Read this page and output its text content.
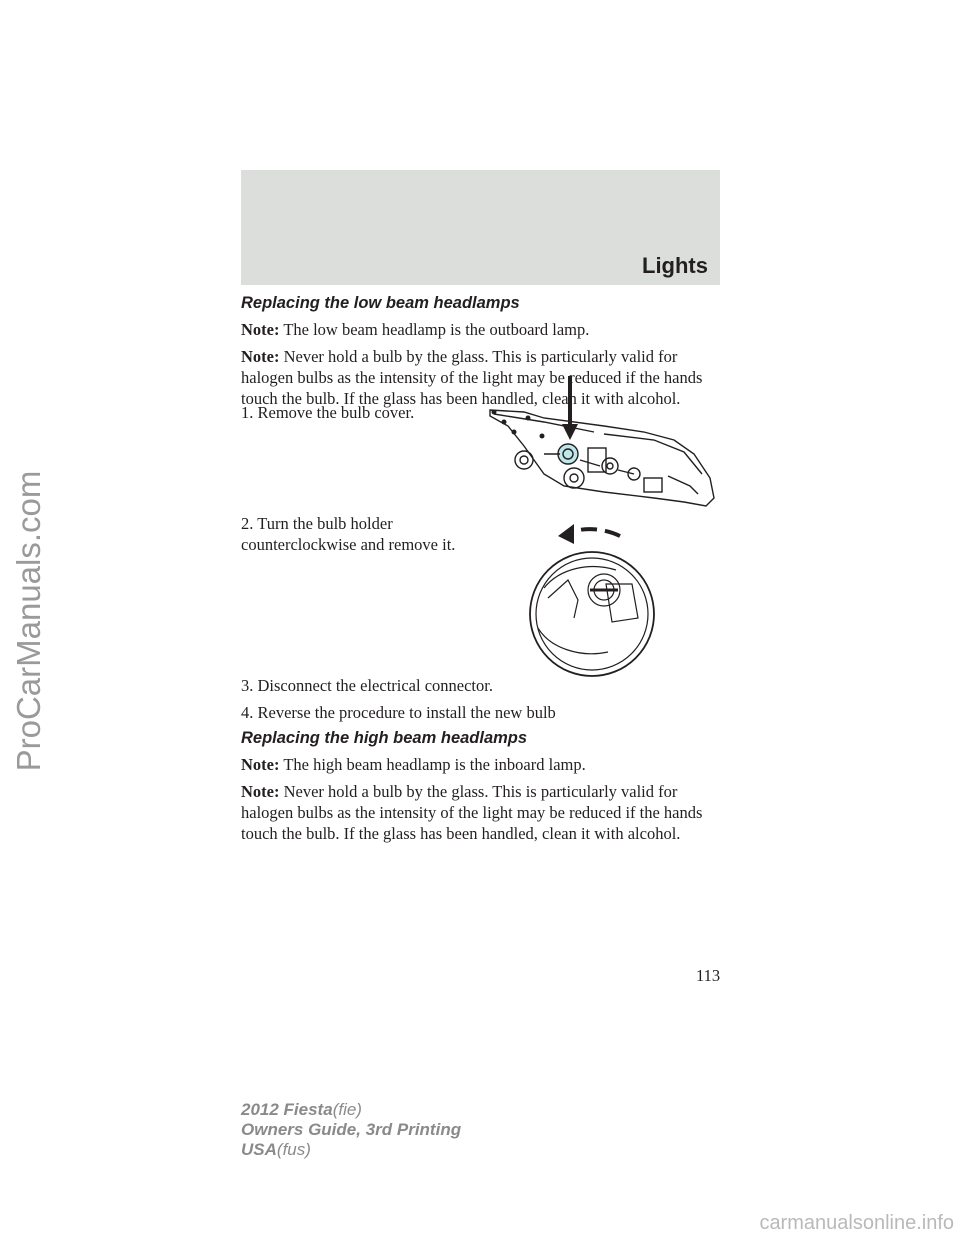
Lights

Replacing the low beam headlamps

Note: The low beam headlamp is the outboard lamp.

Note: Never hold a bulb by the glass. This is particularly valid for

halogen bulbs as the intensity of the light may be reduced if the hands

touch the bulb. If the glass has been handled, clean it with alcohol.

1. Remove the bulb cover.

2. Turn the bulb holder

counterclockwise and remove it.

3. Disconnect the electrical connector.

4. Reverse the procedure to install the new bulb

Replacing the high beam headlamps

Note: The high beam headlamp is the inboard lamp.

Note: Never hold a bulb by the glass. This is particularly valid for

halogen bulbs as the intensity of the light may be reduced if the hands

touch the bulb. If the glass has been handled, clean it with alcohol.

ProCarManuals.com
113
2012 Fiesta(fie)
Owners Guide, 3rd Printing
USA(fus)
carmanualsonline.info
